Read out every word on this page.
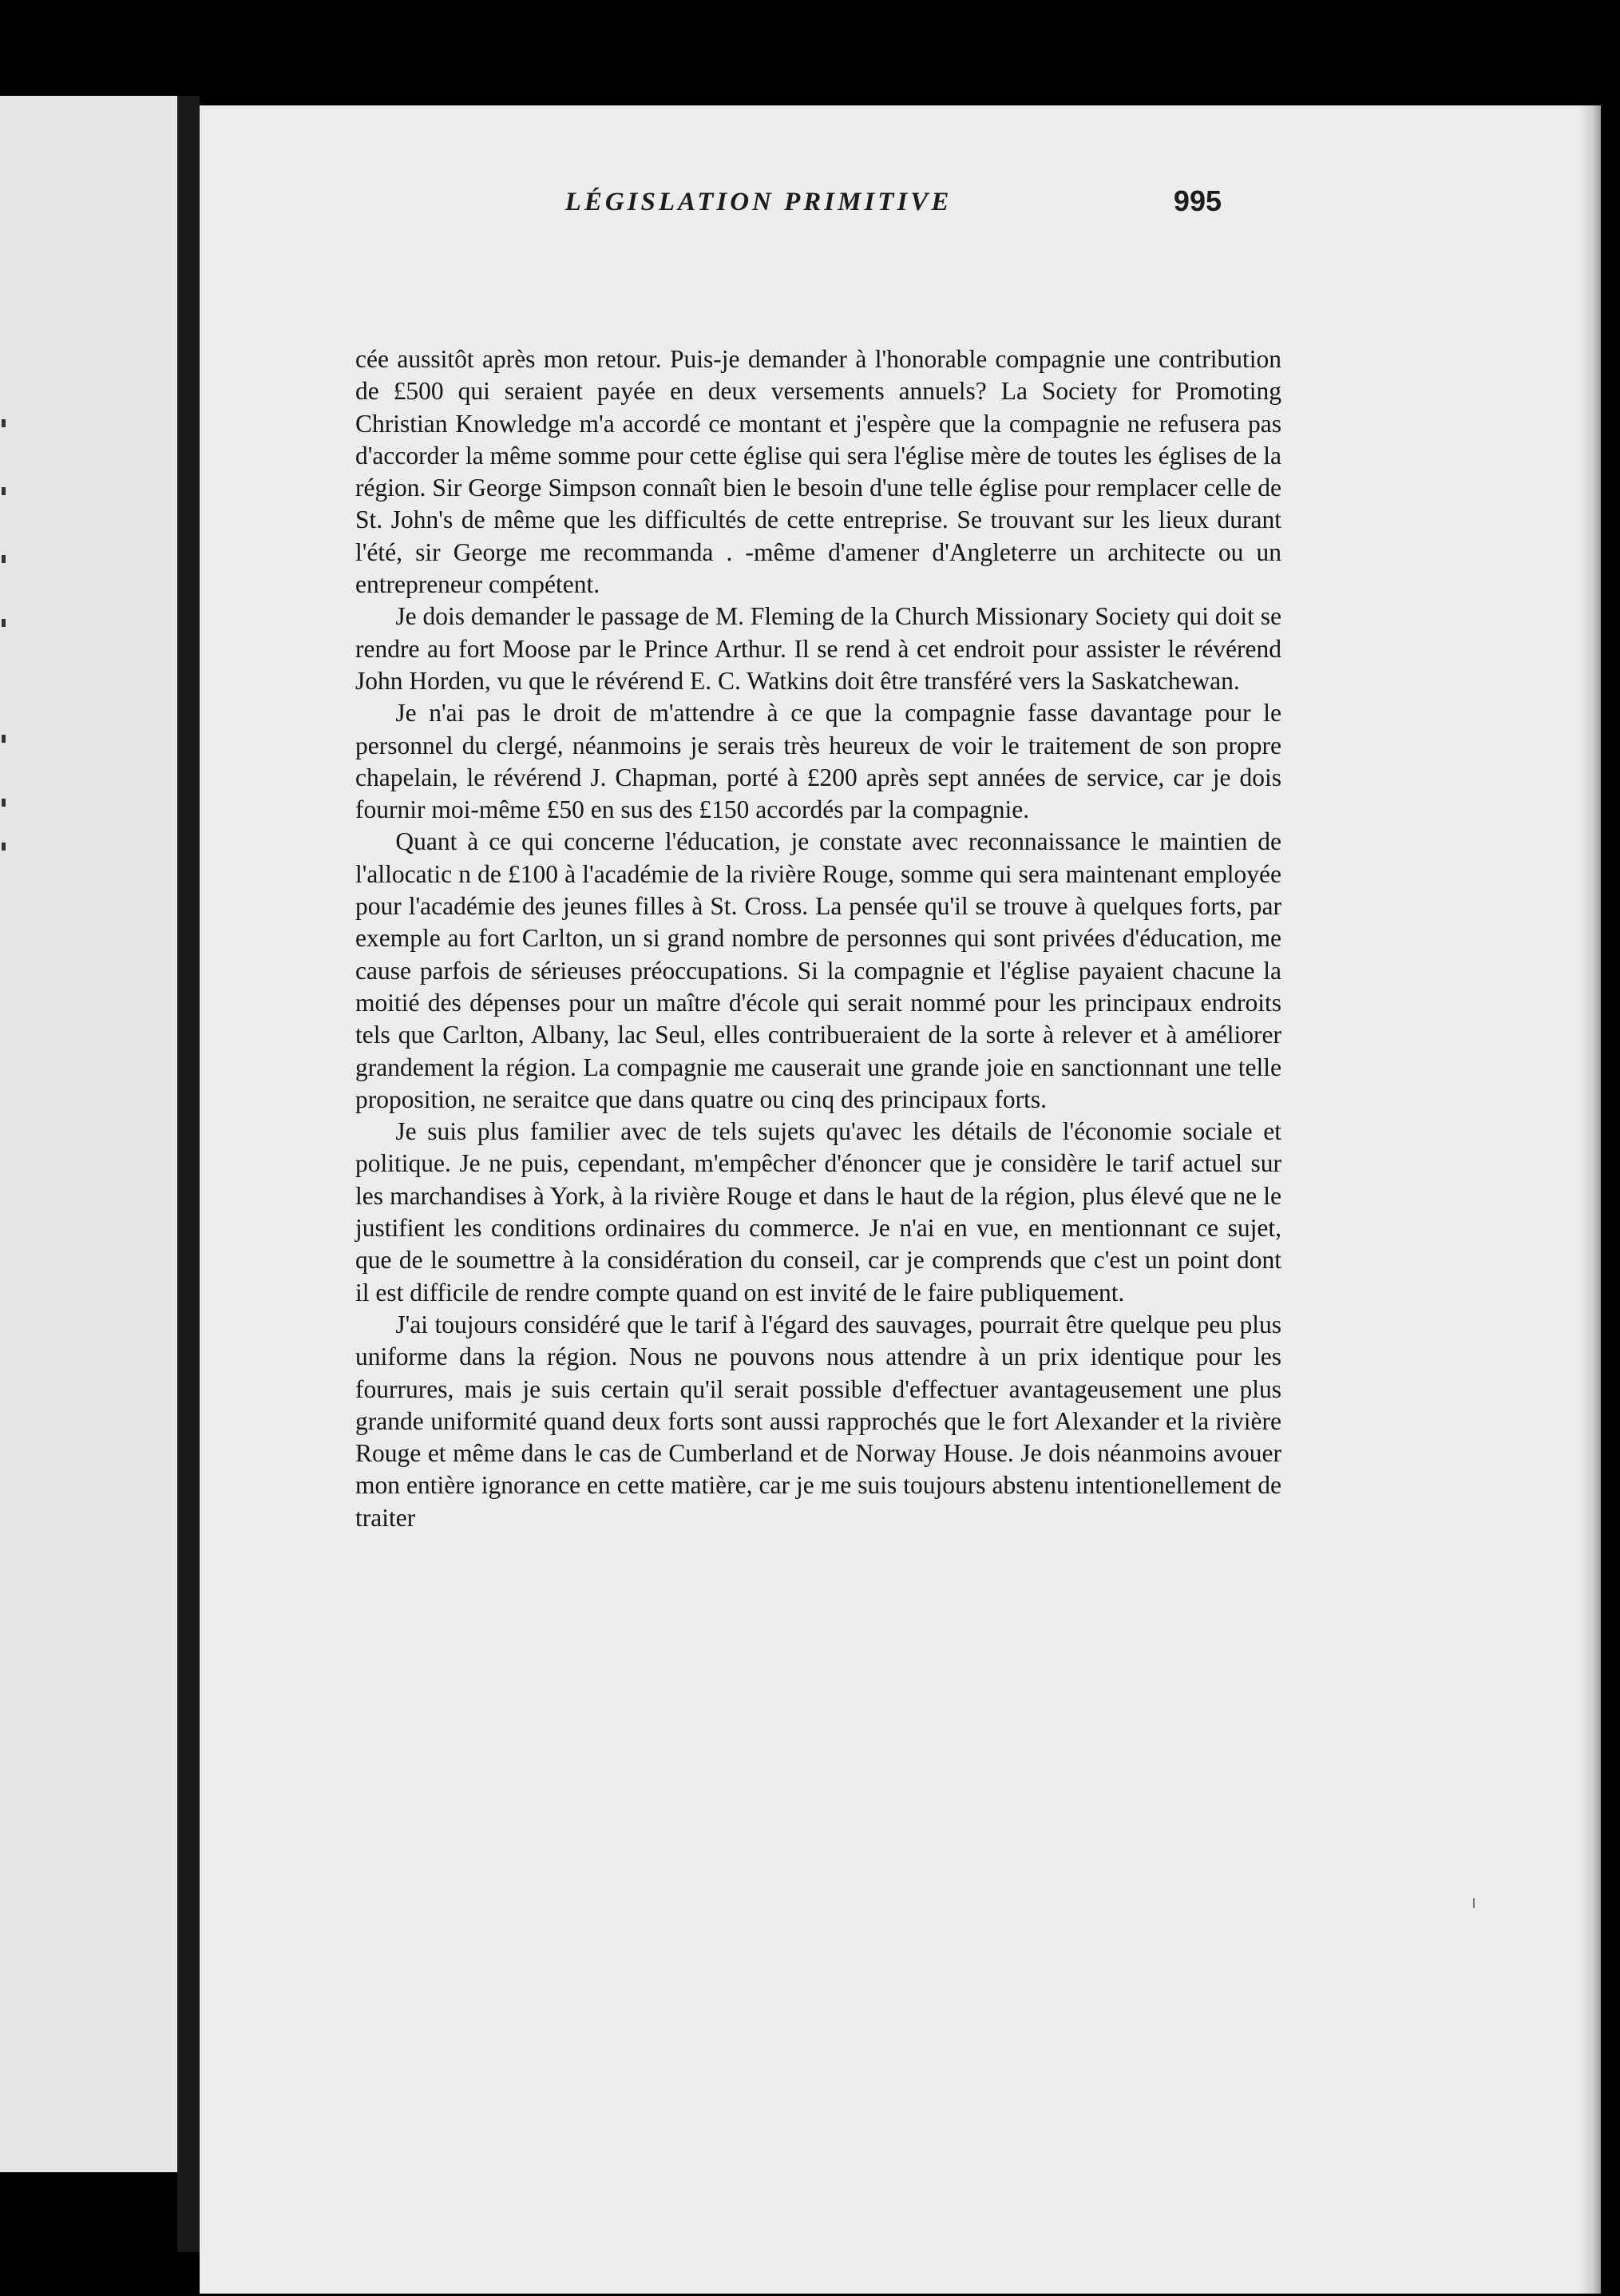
LÉGISLATION PRIMITIVE	995

cée aussitôt après mon retour. Puis-je demander à l'honorable compagnie une contribution de £500 qui seraient payée en deux versements annuels? La Society for Promoting Christian Knowledge m'a accordé ce montant et j'espère que la compagnie ne refusera pas d'accorder la même somme pour cette église qui sera l'église mère de toutes les églises de la région. Sir George Simpson connaît bien le besoin d'une telle église pour remplacer celle de St. John's de même que les difficultés de cette entreprise. Se trouvant sur les lieux durant l'été, sir George me recommanda . -même d'amener d'Angleterre un architecte ou un entrepreneur compétent.

Je dois demander le passage de M. Fleming de la Church Missionary Society qui doit se rendre au fort Moose par le Prince Arthur. Il se rend à cet endroit pour assister le révérend John Horden, vu que le révérend E. C. Watkins doit être transféré vers la Saskatchewan.

Je n'ai pas le droit de m'attendre à ce que la compagnie fasse davantage pour le personnel du clergé, néanmoins je serais très heureux de voir le traitement de son propre chapelain, le révérend J. Chapman, porté à £200 après sept années de service, car je dois fournir moi-même £50 en sus des £150 accordés par la compagnie.

Quant à ce qui concerne l'éducation, je constate avec reconnaissance le maintien de l'allocatic n de £100 à l'académie de la rivière Rouge, somme qui sera maintenant employée pour l'académie des jeunes filles à St. Cross. La pensée qu'il se trouve à quelques forts, par exemple au fort Carlton, un si grand nombre de personnes qui sont privées d'éducation, me cause parfois de sérieuses préoccupations. Si la compagnie et l'église payaient chacune la moitié des dépenses pour un maître d'école qui serait nommé pour les principaux endroits tels que Carlton, Albany, lac Seul, elles contribueraient de la sorte à relever et à améliorer grandement la région. La compagnie me causerait une grande joie en sanctionnant une telle proposition, ne seraitce que dans quatre ou cinq des principaux forts.

Je suis plus familier avec de tels sujets qu'avec les détails de l'économie sociale et politique. Je ne puis, cependant, m'empêcher d'énoncer que je considère le tarif actuel sur les marchandises à York, à la rivière Rouge et dans le haut de la région, plus élevé que ne le justifient les conditions ordinaires du commerce. Je n'ai en vue, en mentionnant ce sujet, que de le soumettre à la considération du conseil, car je comprends que c'est un point dont il est difficile de rendre compte quand on est invité de le faire publiquement.

J'ai toujours considéré que le tarif à l'égard des sauvages, pourrait être quelque peu plus uniforme dans la région. Nous ne pouvons nous attendre à un prix identique pour les fourrures, mais je suis certain qu'il serait possible d'effectuer avantageusement une plus grande uniformité quand deux forts sont aussi rapprochés que le fort Alexander et la rivière Rouge et même dans le cas de Cumberland et de Norway House. Je dois néanmoins avouer mon entière ignorance en cette matière, car je me suis toujours abstenu intentionellement de traiter
